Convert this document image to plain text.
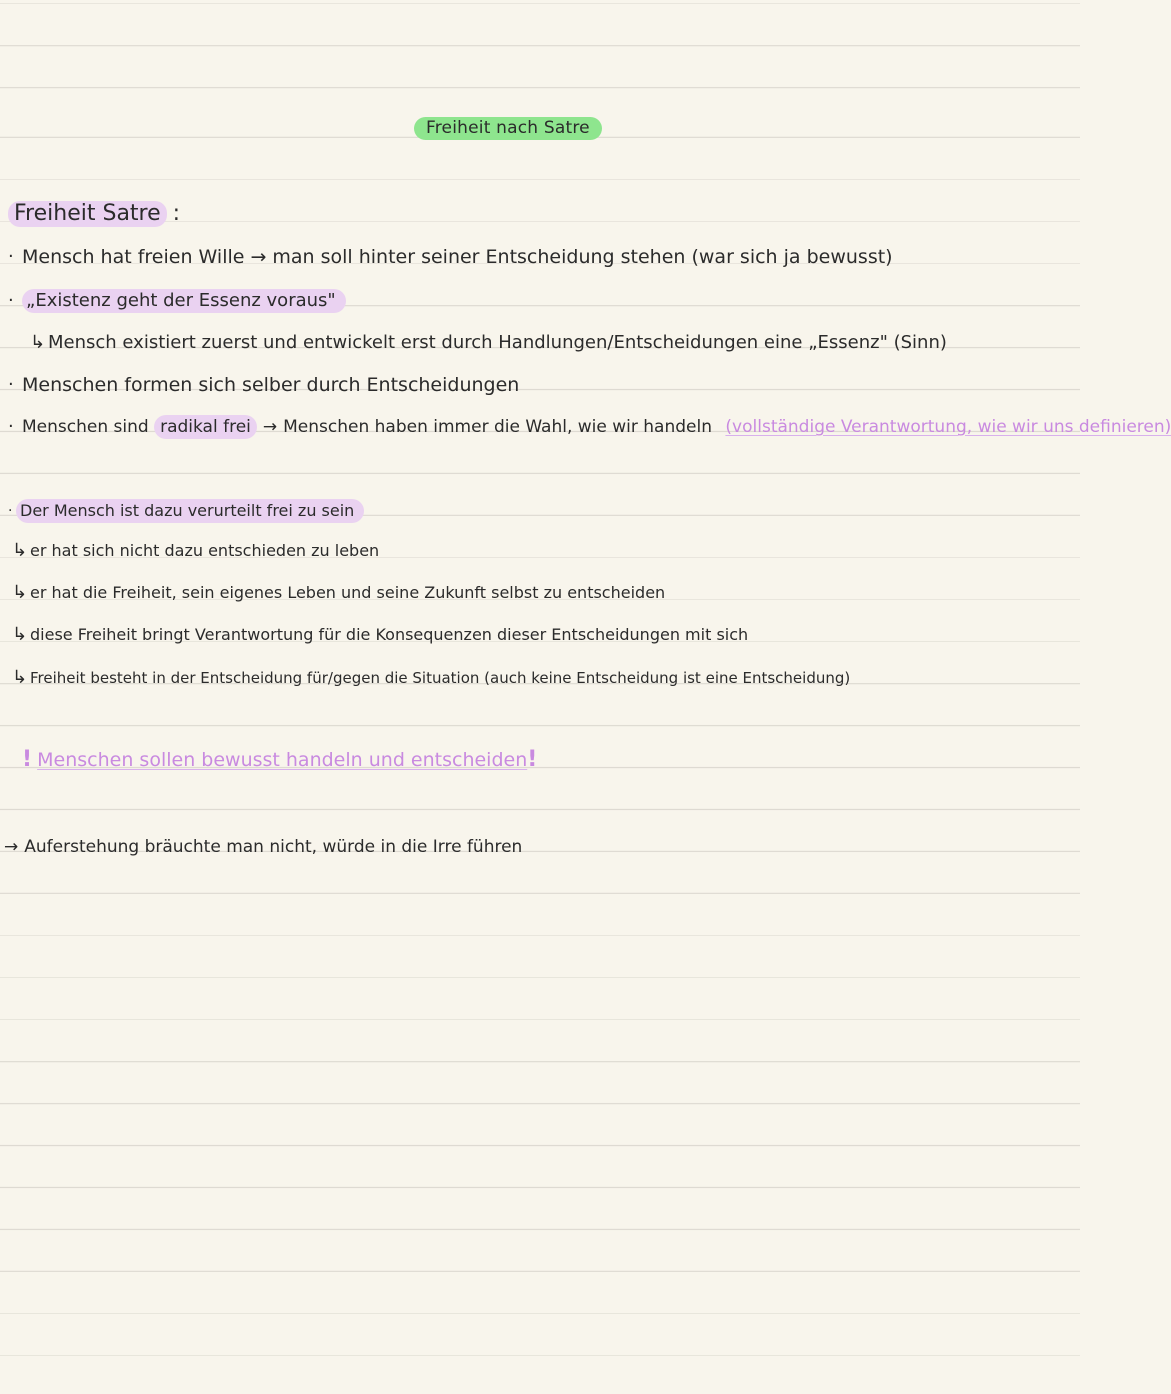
Freiheit nach Satre
Freiheit Satre :
· Mensch hat freien Wille → man soll hinter seiner Entscheidung stehen (war sich ja bewusst)
· „Existenz geht der Essenz voraus"
↳ Mensch existiert zuerst und entwickelt erst durch Handlungen/Entscheidungen eine „Essenz" (Sinn)
· Menschen formen sich selber durch Entscheidungen
· Menschen sind radikal frei → Menschen haben immer die Wahl, wie wir handeln (vollständige Verantwortung, wie wir uns definieren)
· Der Mensch ist dazu verurteilt frei zu sein
↳ er hat sich nicht dazu entschieden zu leben
↳ er hat die Freiheit, sein eigenes Leben und seine Zukunft selbst zu entscheiden
↳ diese Freiheit bringt Verantwortung für die Konsequenzen dieser Entscheidungen mit sich
↳ Freiheit besteht in der Entscheidung für/gegen die Situation (auch keine Entscheidung ist eine Entscheidung)
! Menschen sollen bewusst handeln und entscheiden!
→ Auferstehung bräuchte man nicht, würde in die Irre führen
